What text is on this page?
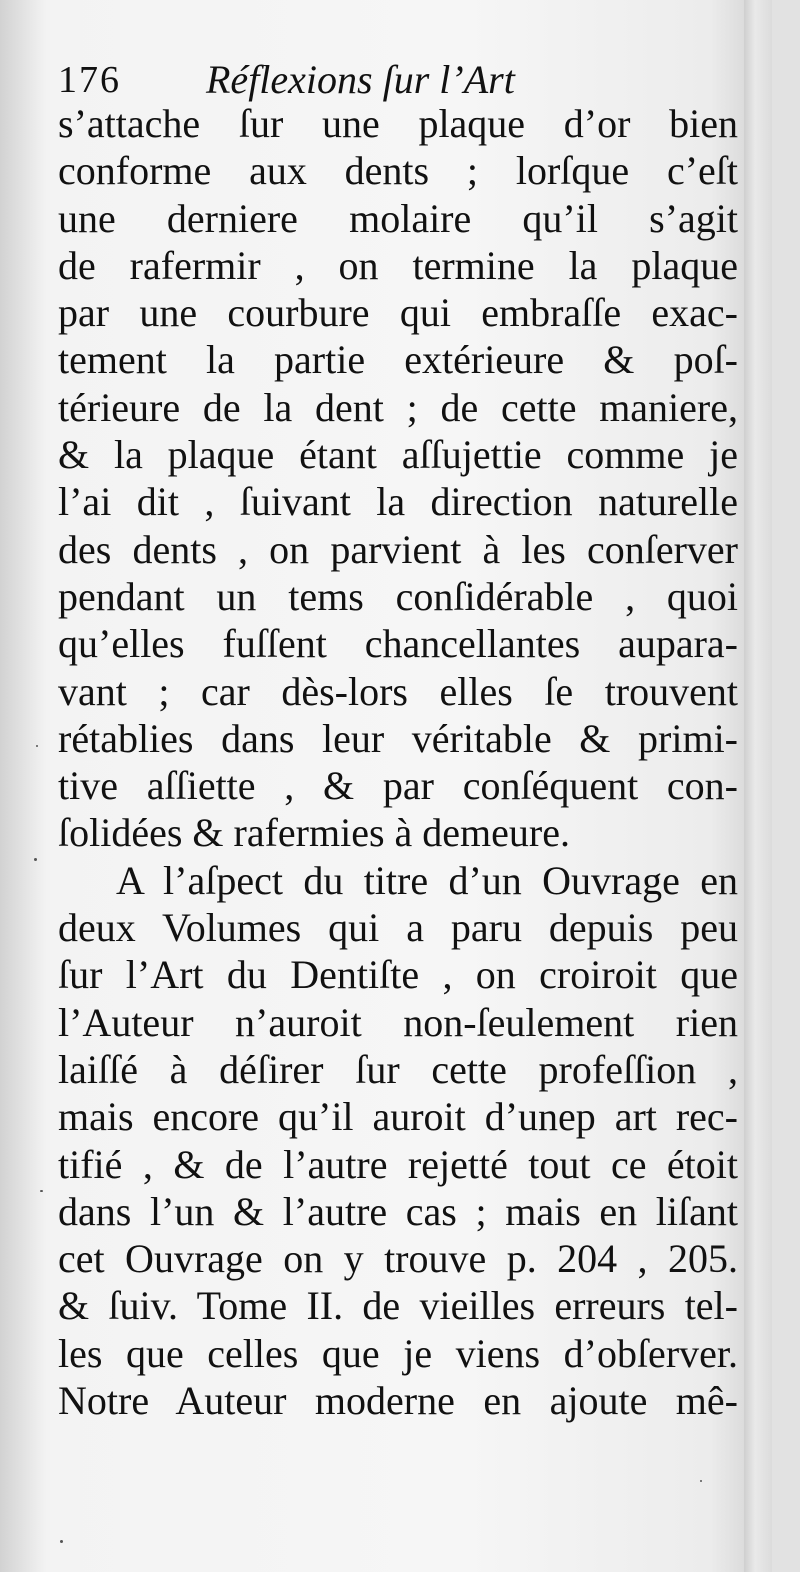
176 Réflexions ſur l’Art
s’attache ſur une plaque d’or bien
conforme aux dents ; lorſque c’eſt
une derniere molaire qu’il s’agit
de rafermir , on termine la plaque
par une courbure qui embraſſe exac-
tement la partie extérieure & poſ-
térieure de la dent ; de cette maniere,
& la plaque étant aſſujettie comme je
l’ai dit , ſuivant la direction naturelle
des dents , on parvient à les conſerver
pendant un tems conſidérable , quoi
qu’elles fuſſent chancellantes aupara-
vant ; car dès-lors elles ſe trouvent
rétablies dans leur véritable & primi-
tive aſſiette , & par conſéquent con-
ſolidées & rafermies à demeure.
A l’aſpect du titre d’un Ouvrage en
deux Volumes qui a paru depuis peu
ſur l’Art du Dentiſte , on croiroit que
l’Auteur n’auroit non-ſeulement rien
laiſſé à déſirer ſur cette profeſſion ,
mais encore qu’il auroit d’unep art rec-
tifié , & de l’autre rejetté tout ce étoit
dans l’un & l’autre cas ; mais en liſant
cet Ouvrage on y trouve p. 204 , 205.
& ſuiv. Tome II. de vieilles erreurs tel-
les que celles que je viens d’obſerver.
Notre Auteur moderne en ajoute mê-
